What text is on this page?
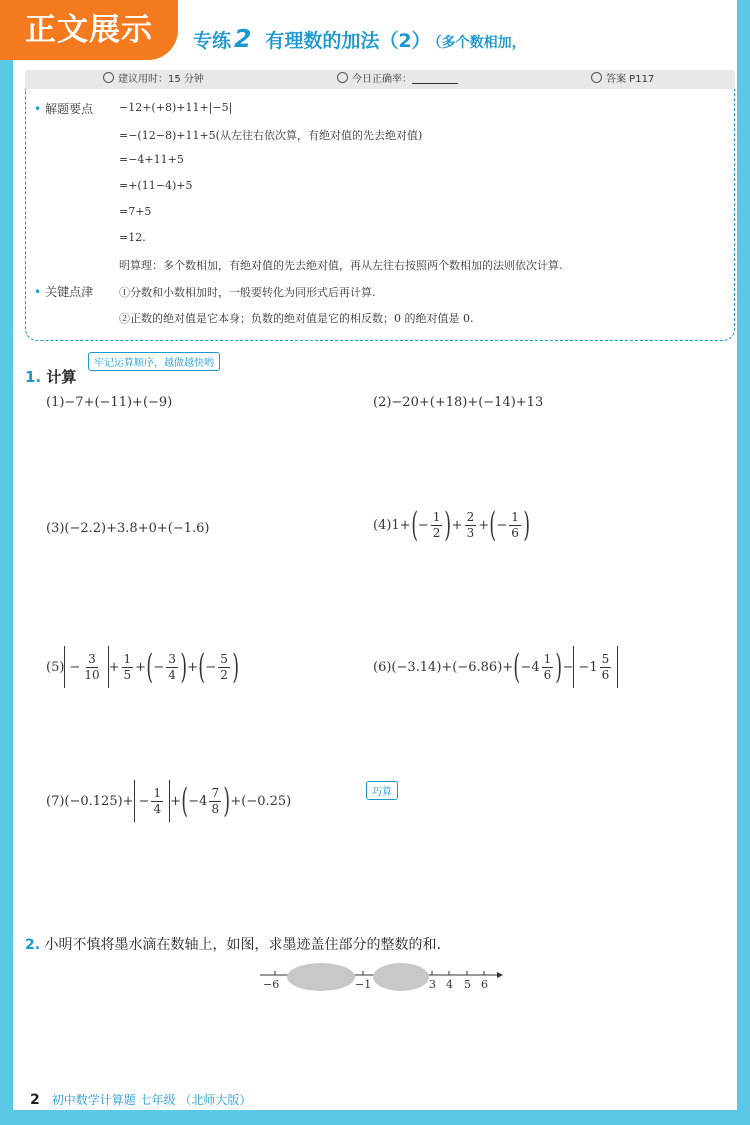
正文展示	专练 2 有理数的加法（2） （多个数相加，
建议用时：15 分钟	今日正确率：	答案 P117
• 解题要点 −12+(+8)+11+|−5|
=−(12−8)+11+5(从左往右依次算，有绝对值的先去绝对值)
=−4+11+5
=+(11−4)+5
=7+5
=12.
明算理：多个数相加，有绝对值的先去绝对值，再从左往右按照两个数相加的法则依次计算.
• 关键点津 ①分数和小数相加时，一般要转化为同形式后再计算.
②正数的绝对值是它本身；负数的绝对值是它的相反数；0 的绝对值是 0.
1. 计算
牢记运算顺序，越做越快哟
(1)−7+(−11)+(−9)	(2)−20+(+18)+(−14)+13
(3)(−2.2)+3.8+0+(−1.6)	(4)1+ ( −
1
2 ) +
2
3 + ( −
1
6 )
(5) −
3
10 +
1
5 + ( −
3
4 ) + ( −
5
2 )	(6)(−3.14)+(−6.86)+ ( −4
1
6 ) − −1
5
6
(7)(−0.125)+ −
1
4 + ( −4
7
8 ) +(−0.25)
巧算
2. 小明不慎将墨水滴在数轴上，如图，求墨迹盖住部分的整数的和.
−6	−1	3 4 5 6
2 初中数学计算题 七年级 （北师大版）
